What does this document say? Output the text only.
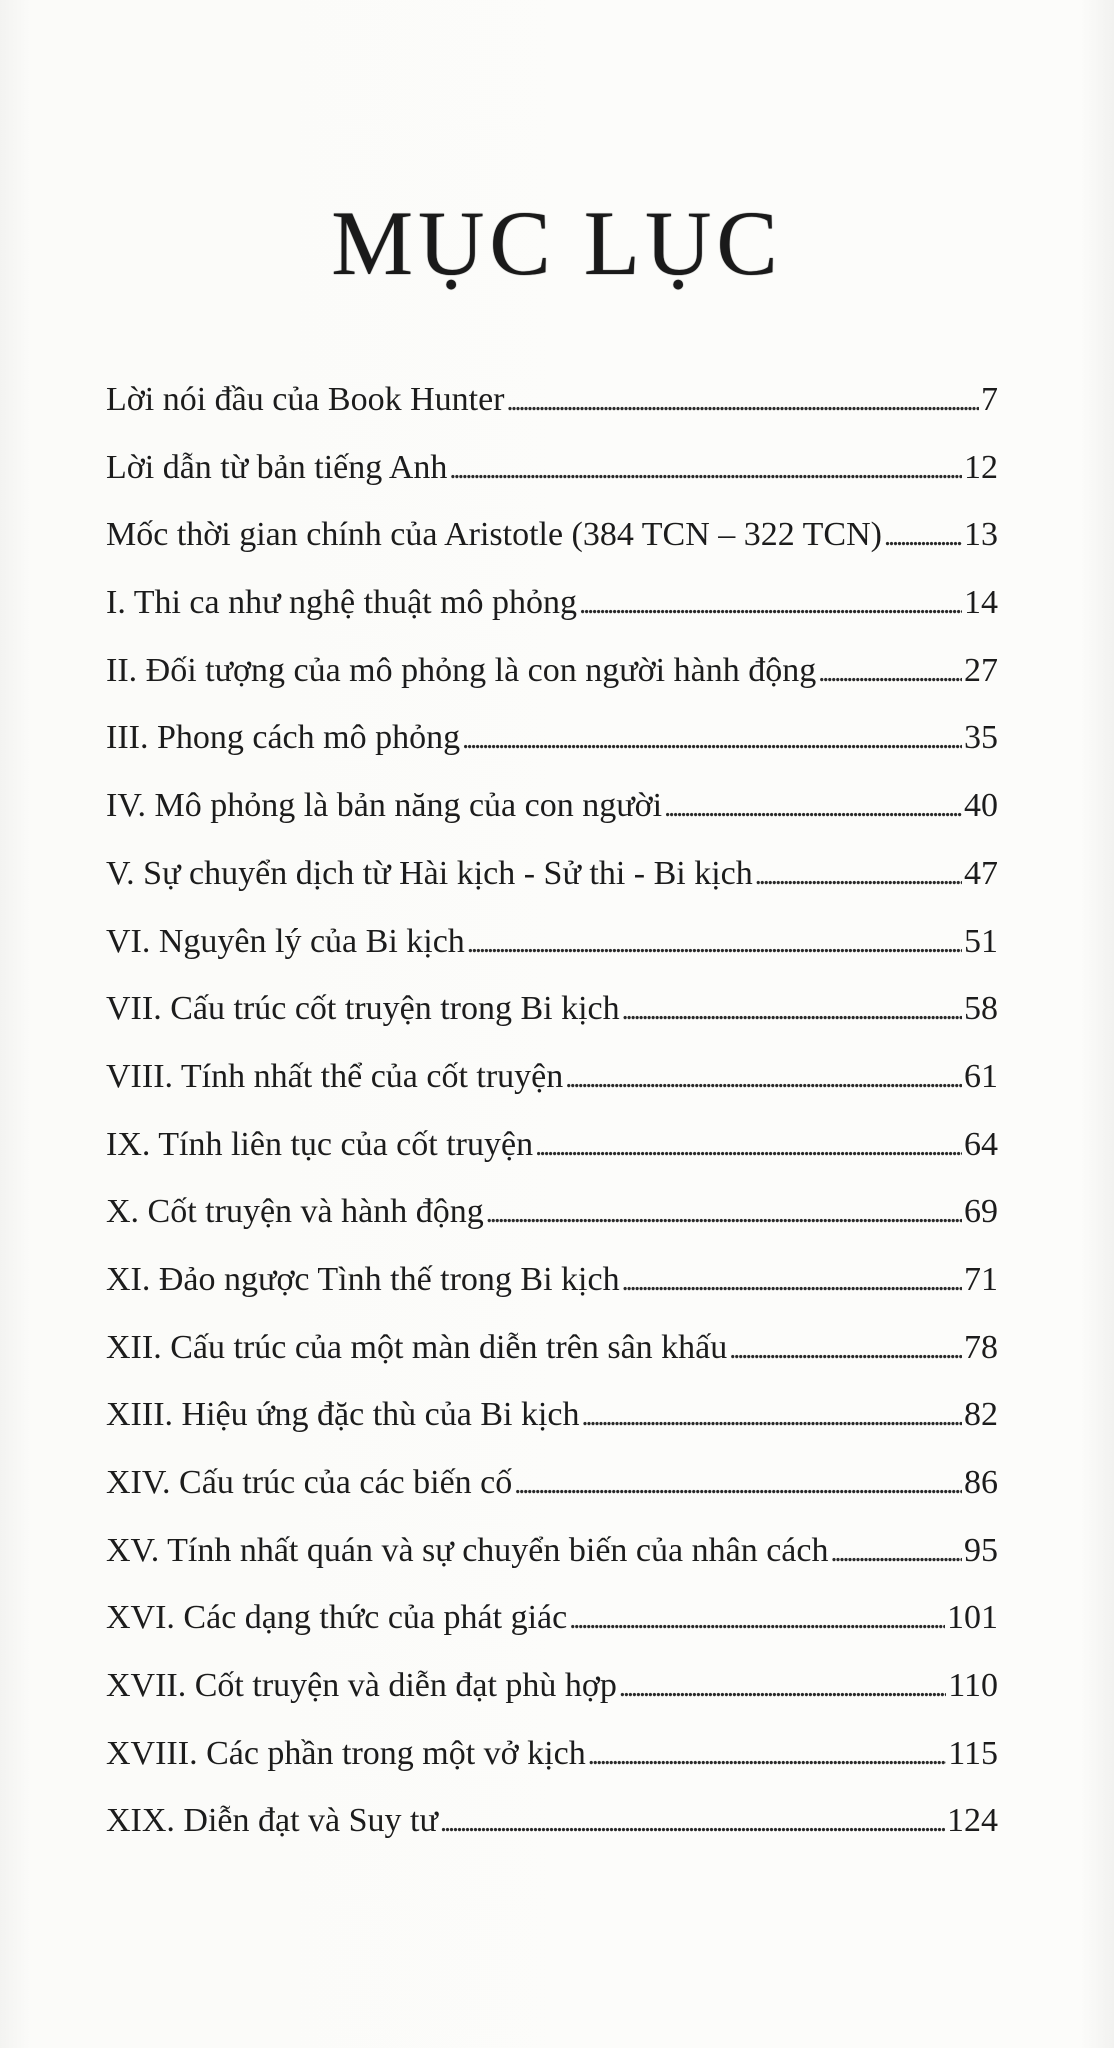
MỤC LỤC
Lời nói đầu của Book Hunter . . .	7
Lời dẫn từ bản tiếng Anh . . .	12
Mốc thời gian chính của Aristotle (384 TCN – 322 TCN) . . . 13
I. Thi ca như nghệ thuật mô phỏng . . .	14
II. Đối tượng của mô phỏng là con người hành động . . .	27
III. Phong cách mô phỏng . . .	35
IV. Mô phỏng là bản năng của con người . . .	40
V. Sự chuyển dịch từ Hài kịch - Sử thi - Bi kịch . . .	47
VI. Nguyên lý của Bi kịch . . .	51
VII. Cấu trúc cốt truyện trong Bi kịch . . .	58
VIII. Tính nhất thể của cốt truyện . . .	61
IX. Tính liên tục của cốt truyện . . .	64
X. Cốt truyện và hành động . . .	69
XI. Đảo ngược Tình thế trong Bi kịch . . .	71
XII. Cấu trúc của một màn diễn trên sân khấu . . .	78
XIII. Hiệu ứng đặc thù của Bi kịch . . .	82
XIV. Cấu trúc của các biến cố . . .	86
XV. Tính nhất quán và sự chuyển biến của nhân cách . . .	95
XVI. Các dạng thức của phát giác . . .	101
XVII. Cốt truyện và diễn đạt phù hợp . . .	110
XVIII. Các phần trong một vở kịch . . .	115
XIX. Diễn đạt và Suy tư . . .	124
